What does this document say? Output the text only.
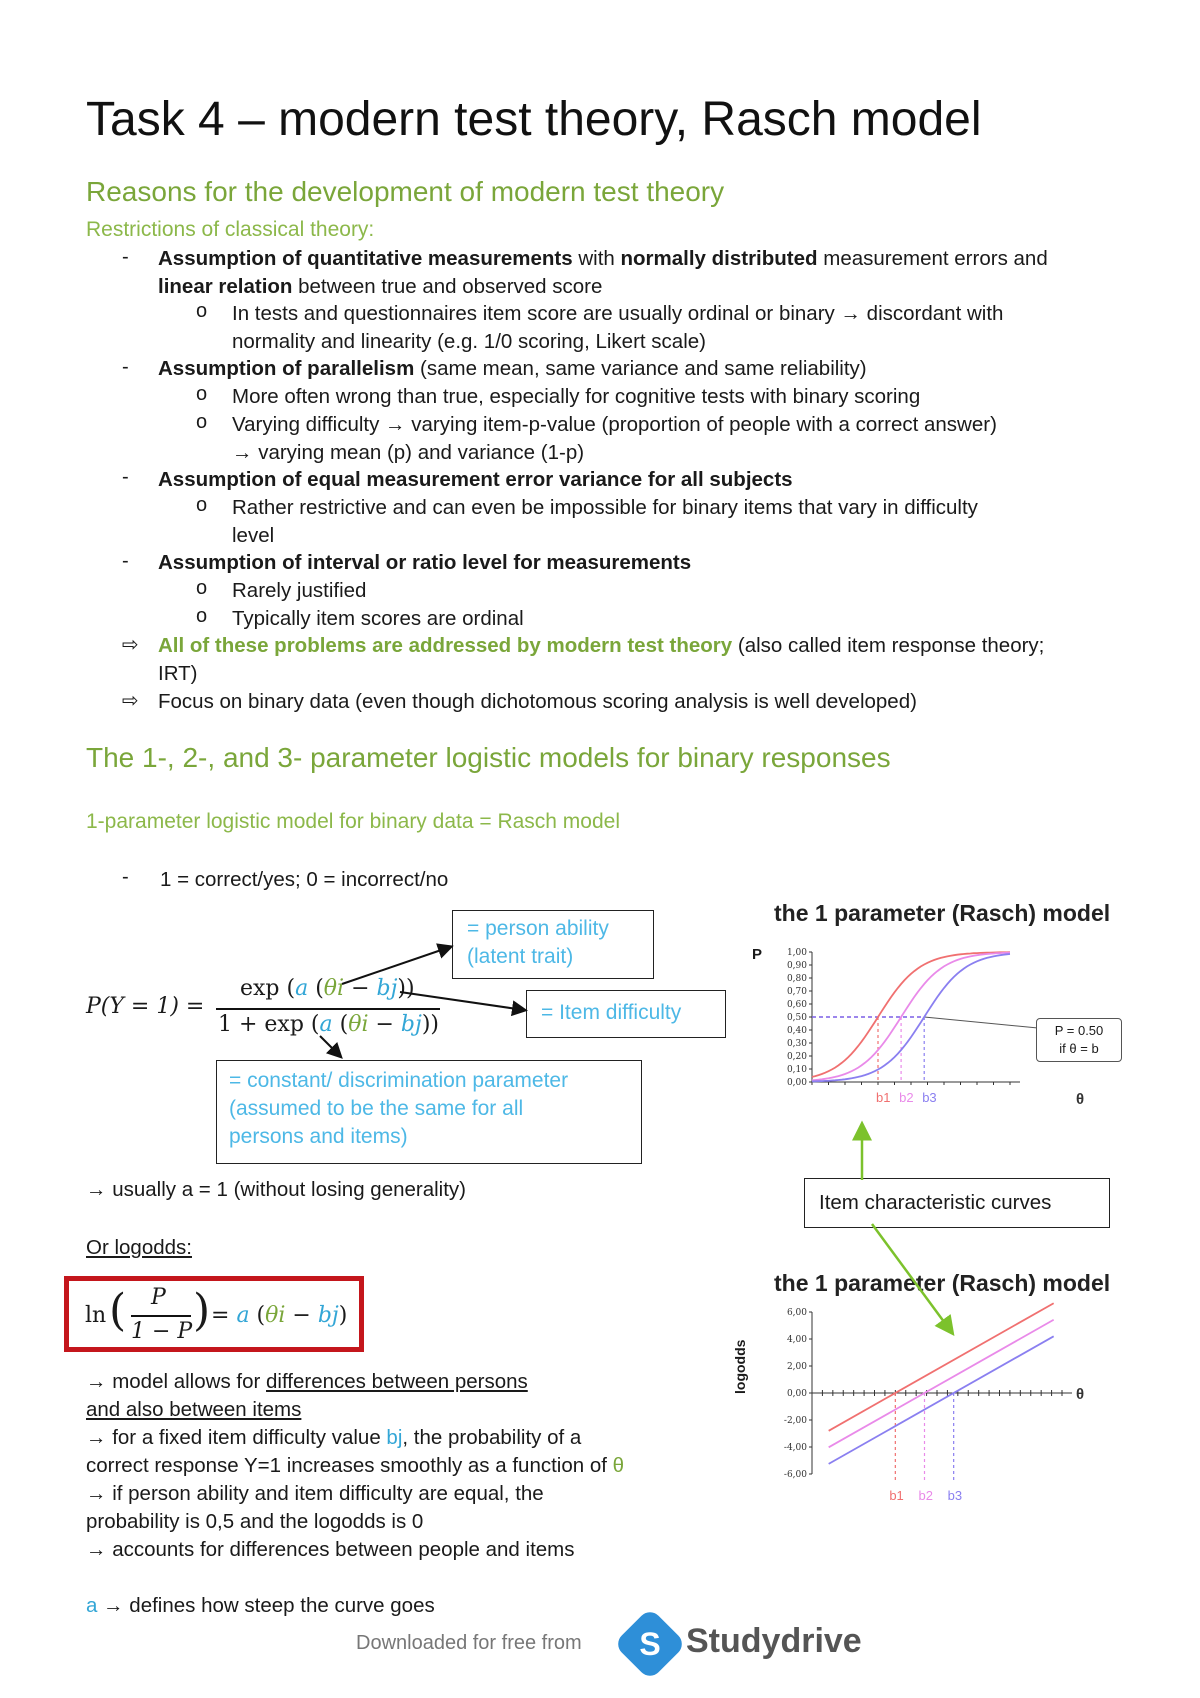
Task 4 – modern test theory, Rasch model
Reasons for the development of modern test theory
Restrictions of classical theory:
- Assumption of quantitative measurements with normally distributed measurement errors and
linear relation between true and observed score
o In tests and questionnaires item score are usually ordinal or binary → discordant with
normality and linearity (e.g. 1/0 scoring, Likert scale)
- Assumption of parallelism (same mean, same variance and same reliability)
o More often wrong than true, especially for cognitive tests with binary scoring
o Varying difficulty → varying item-p-value (proportion of people with a correct answer)
→ varying mean (p) and variance (1-p)
- Assumption of equal measurement error variance for all subjects
o Rather restrictive and can even be impossible for binary items that vary in difficulty
level
- Assumption of interval or ratio level for measurements
o Rarely justified
o Typically item scores are ordinal
⇨ All of these problems are addressed by modern test theory (also called item response theory;
IRT)
⇨ Focus on binary data (even though dichotomous scoring analysis is well developed)
The 1-, 2-, and 3- parameter logistic models for binary responses
1-parameter logistic model for binary data = Rasch model
- 1 = correct/yes; 0 = incorrect/no
= person ability
(latent trait)
= Item difficulty
= constant/ discrimination parameter
(assumed to be the same for all
persons and items)
P(Y = 1) =
exp (a (θi − bj))
1 + exp (a (θi − bj))
→ usually a = 1 (without losing generality)
Or logodds:
ln ( P
1 − P ) = a (θi − bj)
→ model allows for differences between persons
and also between items
→ for a fixed item difficulty value bj, the probability of a
correct response Y=1 increases smoothly as a function of θ
→ if person ability and item difficulty are equal, the
probability is 0,5 and the logodds is 0
→ accounts for differences between people and items
a → defines how steep the curve goes
the 1 parameter (Rasch) model
P	1,00
0,90
0,80
0,70
0,60
0,50
0,40
0,30
0,20
0,10
0,00
b1 b2 b3	θ
P = 0.50
if θ = b
Item characteristic curves
the 1 parameter (Rasch) model
logodds
6,00
4,00
2,00
0,00
-2,00
-4,00
-6,00
b1 b2 b3
θ
Downloaded for free from	S Studydrive
